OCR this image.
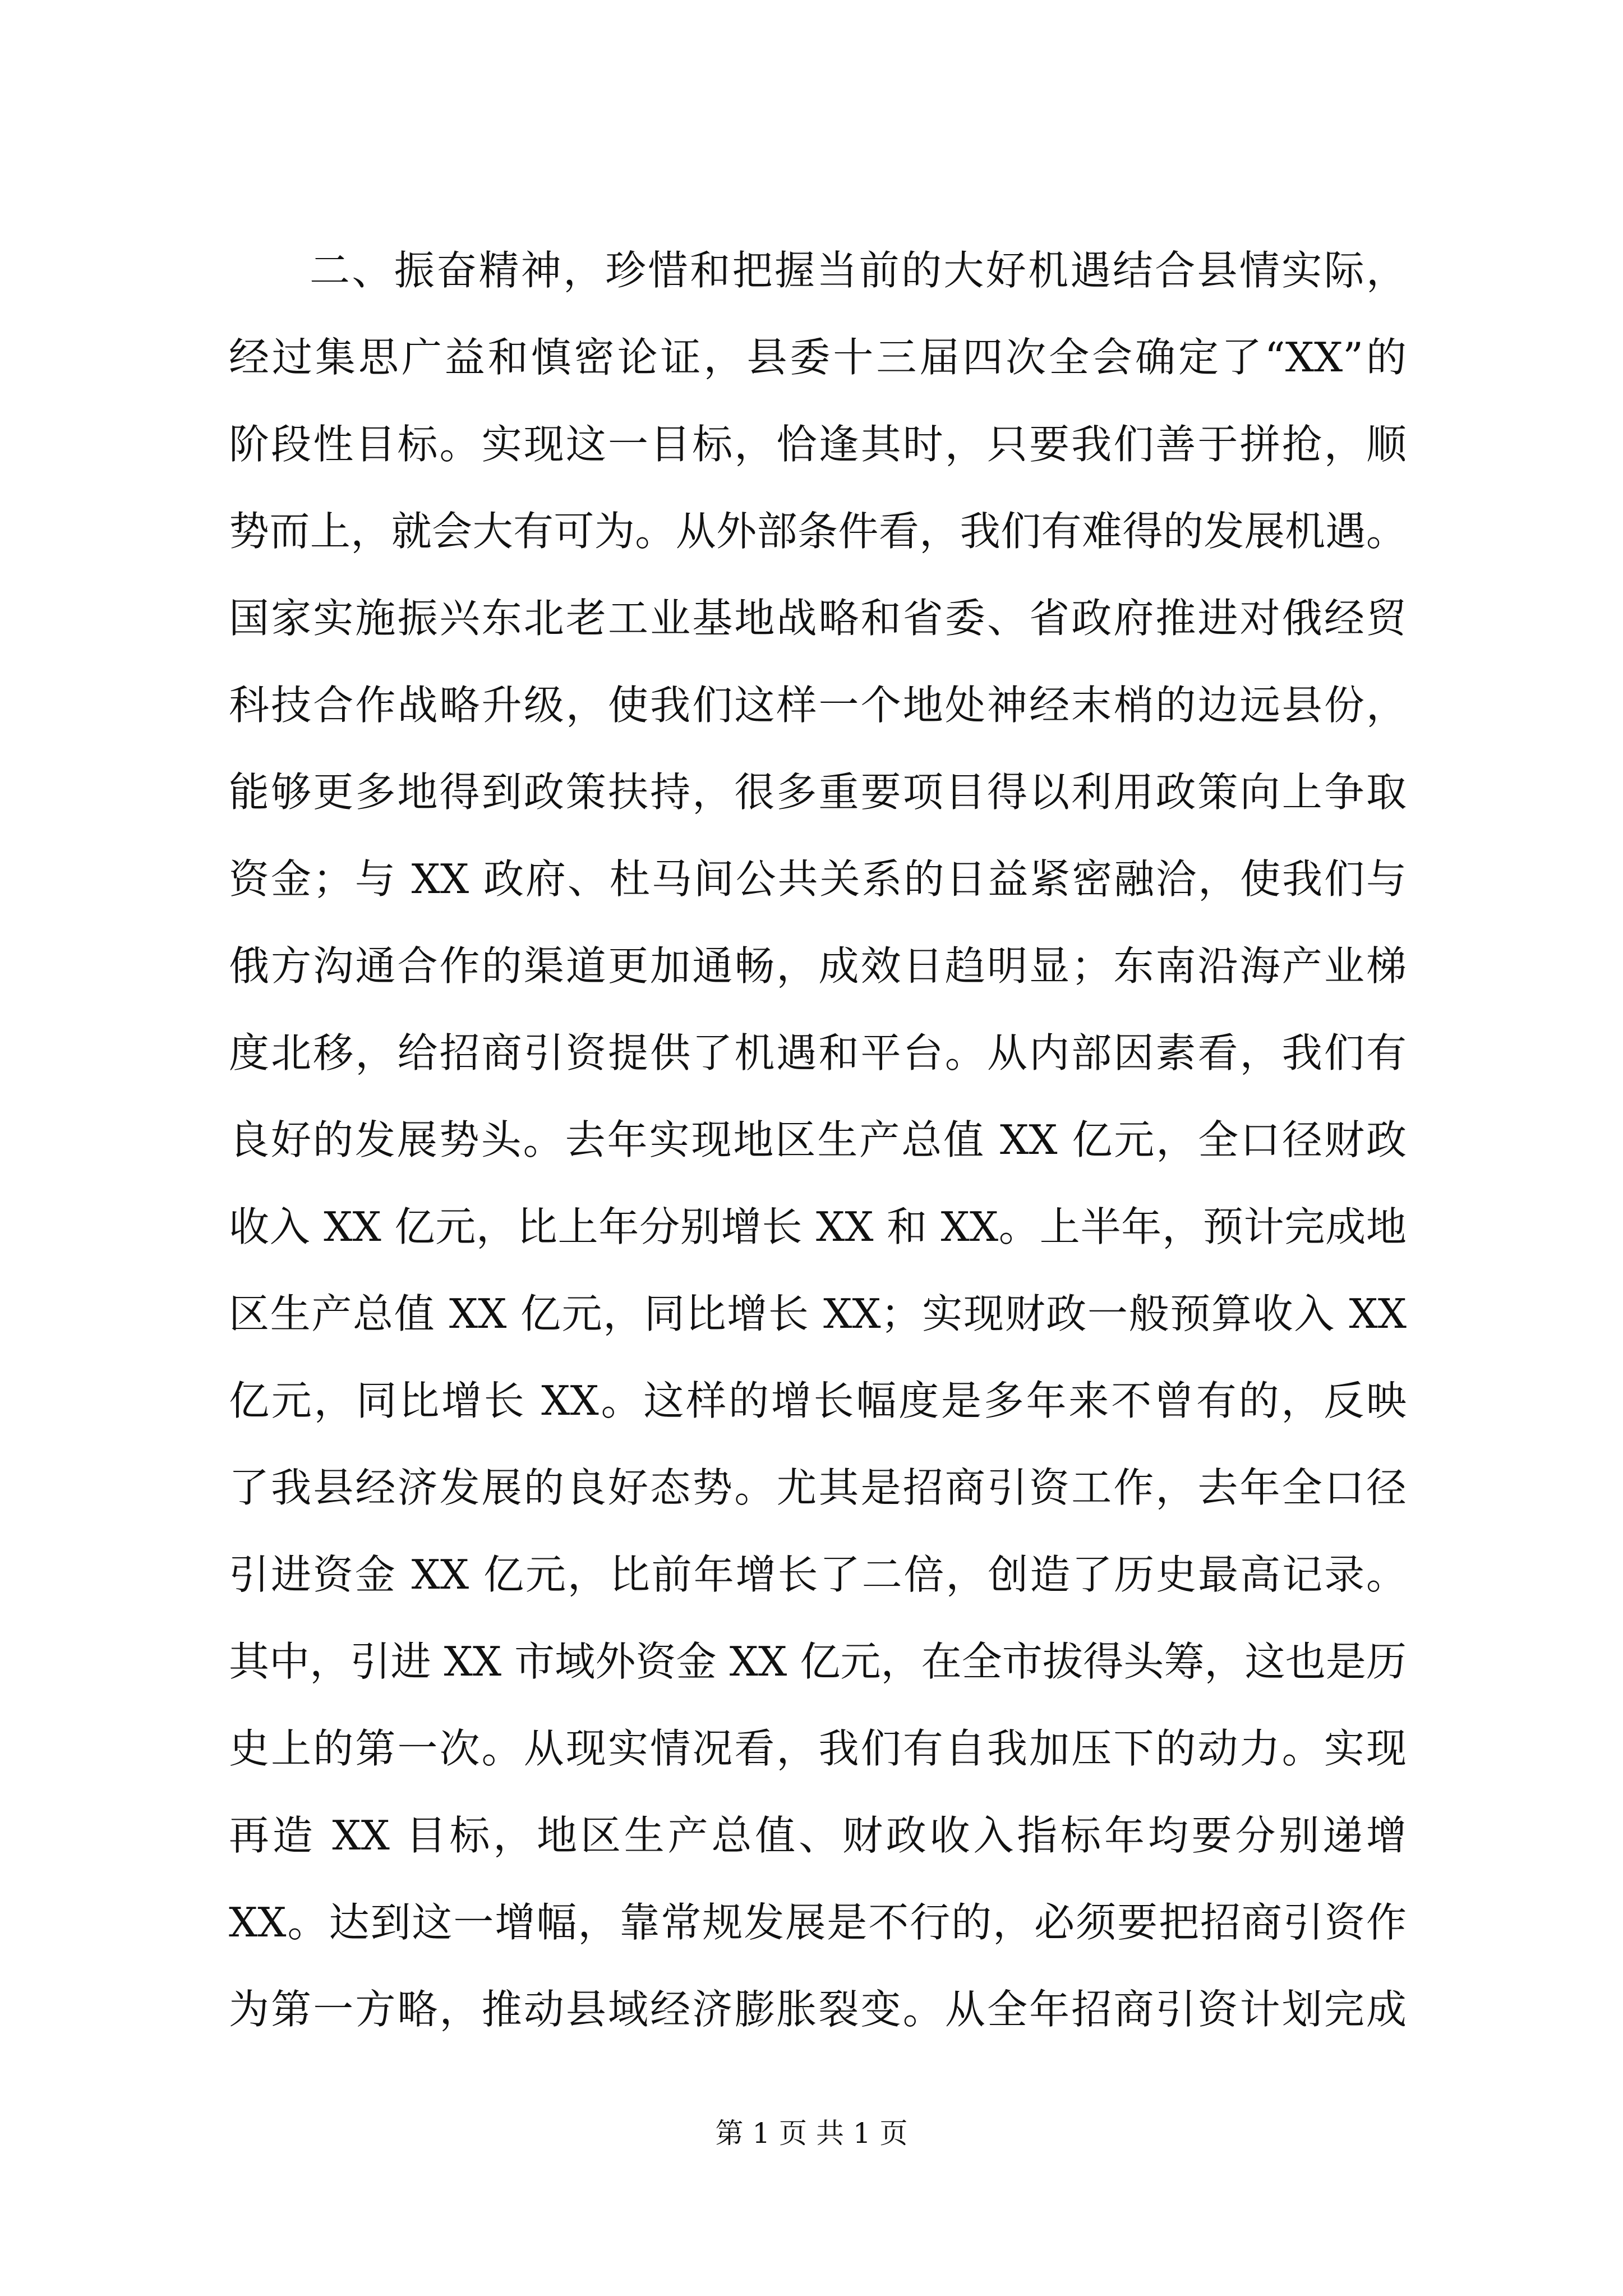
二、振奋精神，珍惜和把握当前的大好机遇结合县情实际，
经过集思广益和慎密论证，县委十三届四次全会确定了“XX”的
阶段性目标。实现这一目标，恰逢其时，只要我们善于拼抢，顺
势而上，就会大有可为。从外部条件看，我们有难得的发展机遇。
国家实施振兴东北老工业基地战略和省委、省政府推进对俄经贸
科技合作战略升级，使我们这样一个地处神经末梢的边远县份，
能够更多地得到政策扶持，很多重要项目得以利用政策向上争取
资金；与 XX 政府、杜马间公共关系的日益紧密融洽，使我们与
俄方沟通合作的渠道更加通畅，成效日趋明显；东南沿海产业梯
度北移，给招商引资提供了机遇和平台。从内部因素看，我们有
良好的发展势头。去年实现地区生产总值 XX 亿元，全口径财政
收入 XX 亿元，比上年分别增长 XX 和 XX。上半年，预计完成地
区生产总值 XX 亿元，同比增长 XX；实现财政一般预算收入 XX
亿元，同比增长 XX。这样的增长幅度是多年来不曾有的，反映
了我县经济发展的良好态势。尤其是招商引资工作，去年全口径
引进资金 XX 亿元，比前年增长了二倍，创造了历史最高记录。
其中，引进 XX 市域外资金 XX 亿元，在全市拔得头筹，这也是历
史上的第一次。从现实情况看，我们有自我加压下的动力。实现
再造 XX 目标，地区生产总值、财政收入指标年均要分别递增
XX。达到这一增幅，靠常规发展是不行的，必须要把招商引资作
为第一方略，推动县域经济膨胀裂变。从全年招商引资计划完成
第 1 页 共 1 页
